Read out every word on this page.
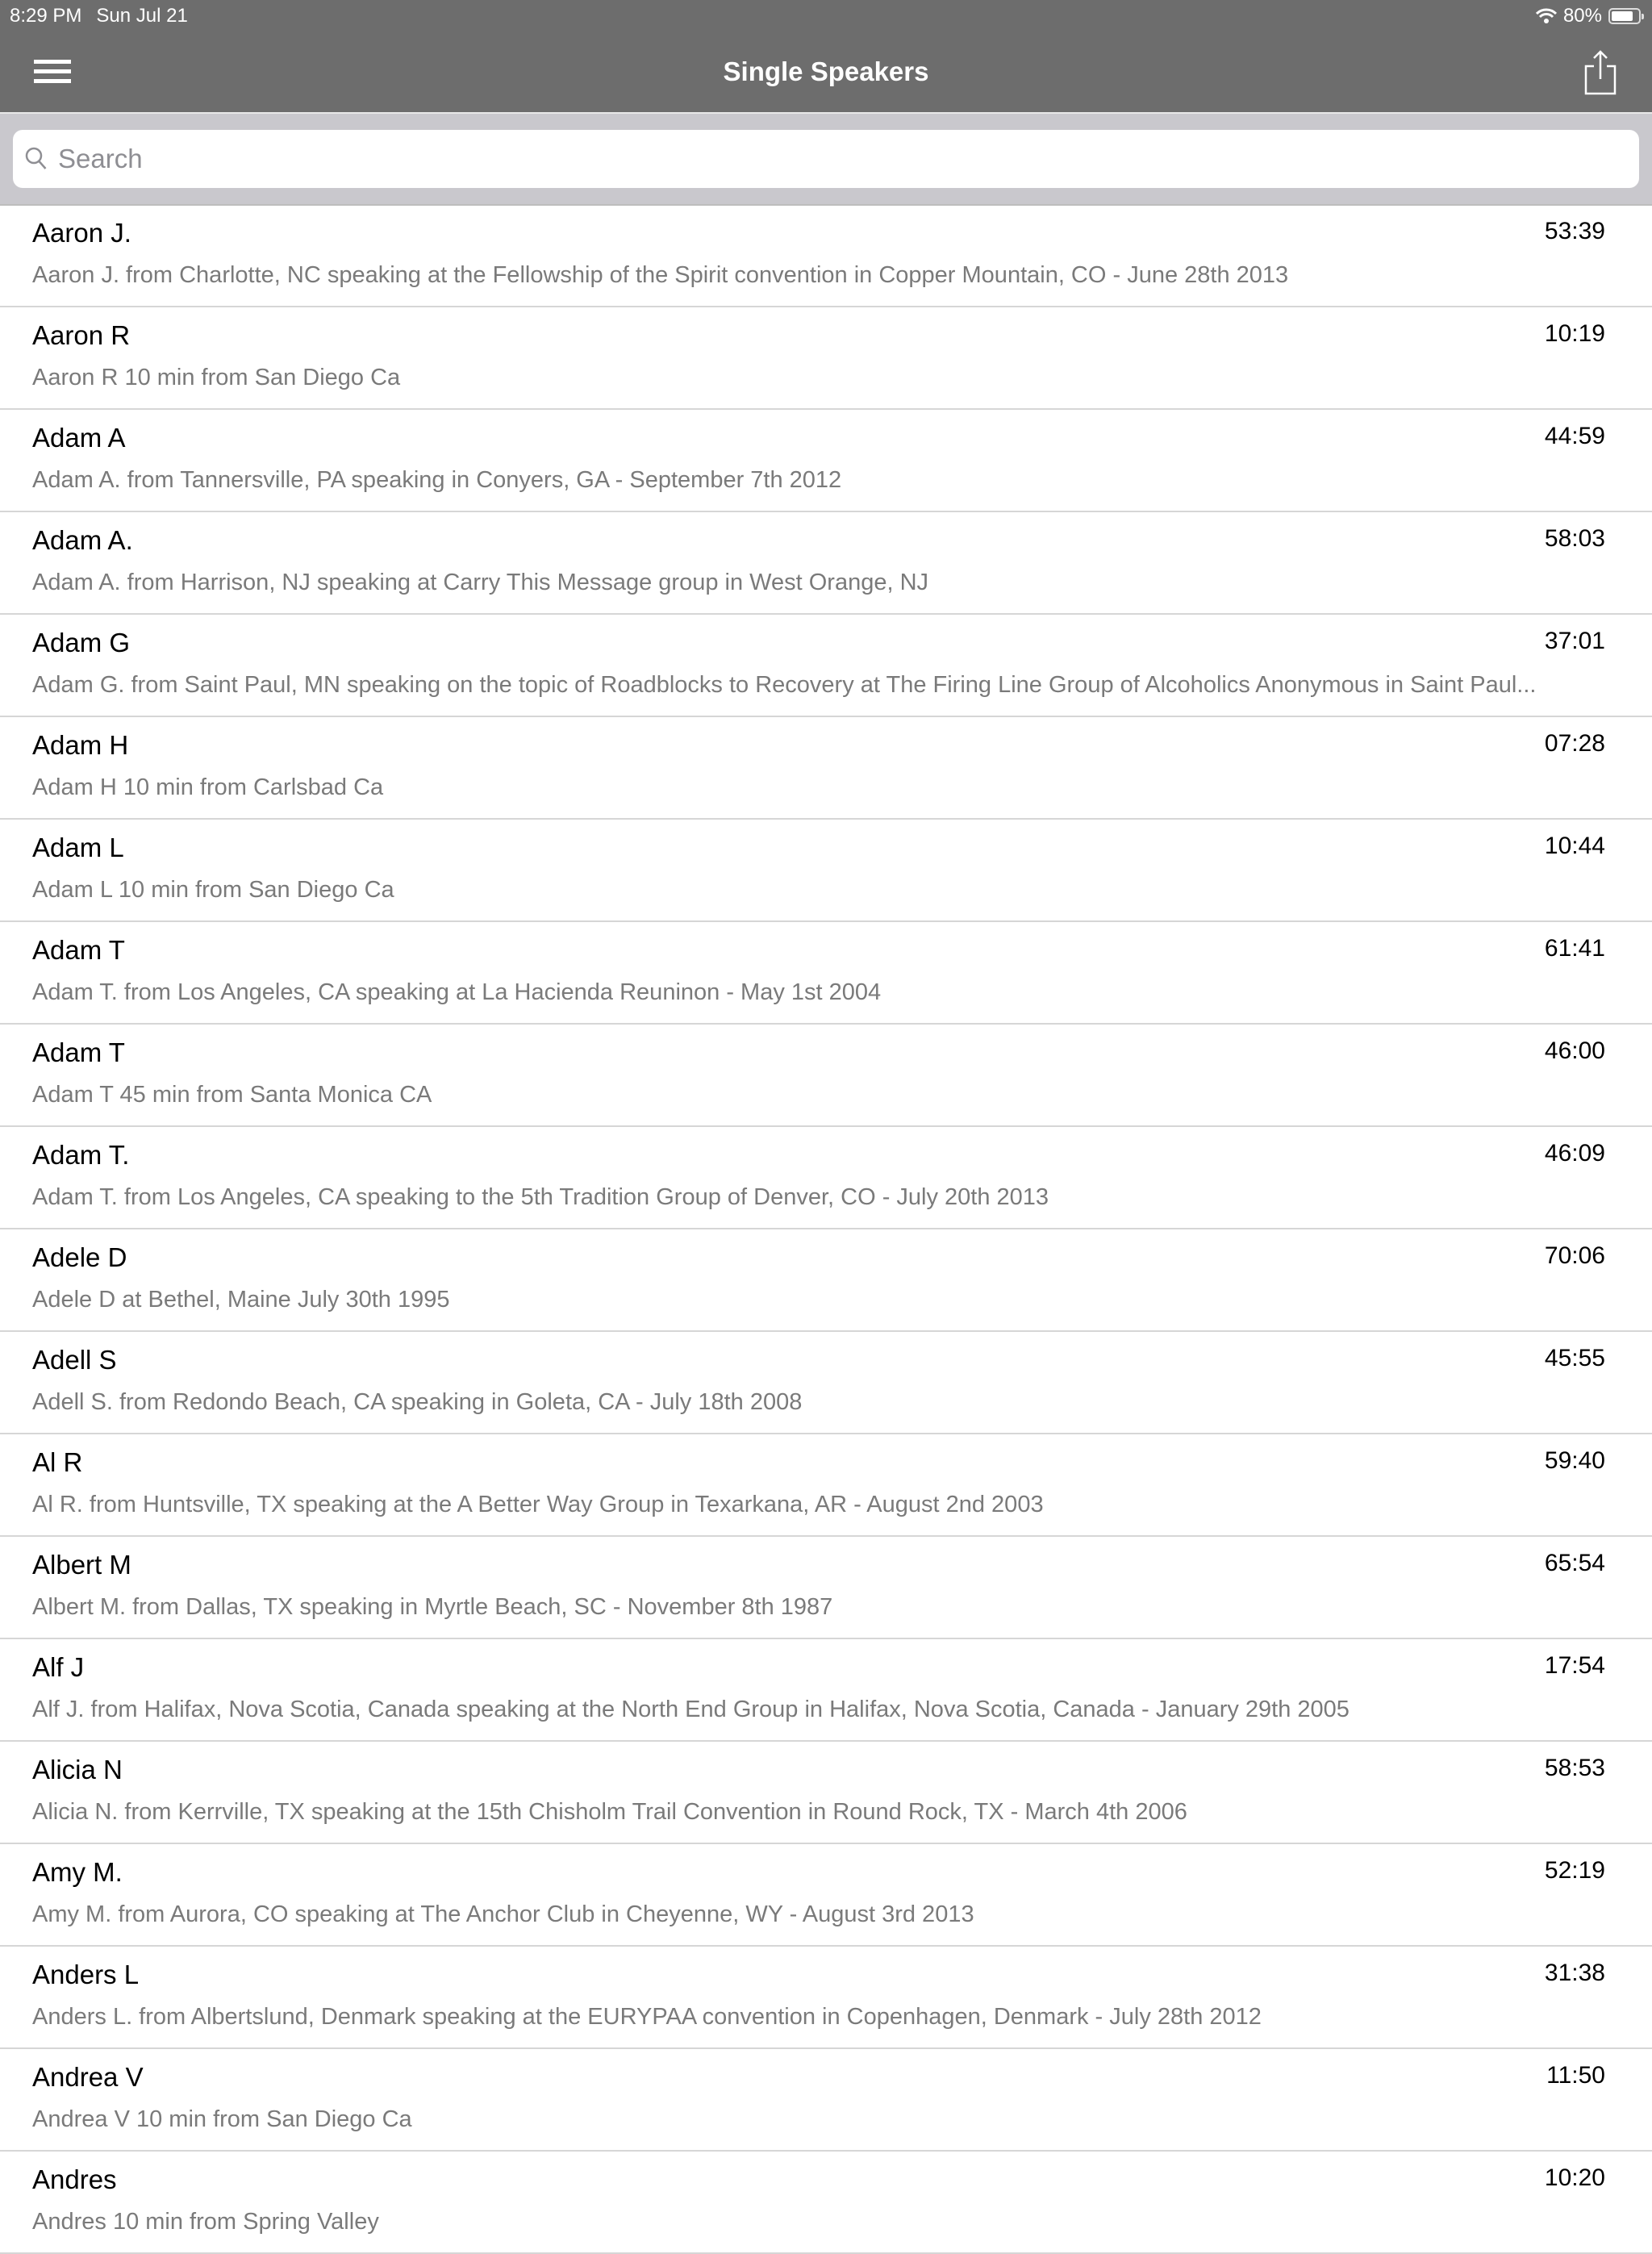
8:29 PM Sun Jul 21	80%
Single Speakers
Search
Aaron J.	53:39
Aaron J. from Charlotte, NC speaking at the Fellowship of the Spirit convention in Copper Mountain, CO - June 28th 2013
Aaron R	10:19
Aaron R 10 min from San Diego Ca
Adam A	44:59
Adam A. from Tannersville, PA speaking in Conyers, GA - September 7th 2012
Adam A.	58:03
Adam A. from Harrison, NJ speaking at Carry This Message group in West Orange, NJ
Adam G	37:01
Adam G. from Saint Paul, MN speaking on the topic of Roadblocks to Recovery at The Firing Line Group of Alcoholics Anonymous in Saint Paul...
Adam H	07:28
Adam H 10 min from Carlsbad Ca
Adam L	10:44
Adam L 10 min from San Diego Ca
Adam T	61:41
Adam T. from Los Angeles, CA speaking at La Hacienda Reuninon - May 1st 2004
Adam T	46:00
Adam T 45 min from Santa Monica CA
Adam T.	46:09
Adam T. from Los Angeles, CA speaking to the 5th Tradition Group of Denver, CO - July 20th 2013
Adele D	70:06
Adele D at Bethel, Maine July 30th 1995
Adell S	45:55
Adell S. from Redondo Beach, CA speaking in Goleta, CA - July 18th 2008
Al R	59:40
Al R. from Huntsville, TX speaking at the A Better Way Group in Texarkana, AR - August 2nd 2003
Albert M	65:54
Albert M. from Dallas, TX speaking in Myrtle Beach, SC - November 8th 1987
Alf J	17:54
Alf J. from Halifax, Nova Scotia, Canada speaking at the North End Group in Halifax, Nova Scotia, Canada - January 29th 2005
Alicia N	58:53
Alicia N. from Kerrville, TX speaking at the 15th Chisholm Trail Convention in Round Rock, TX - March 4th 2006
Amy M.	52:19
Amy M. from Aurora, CO speaking at The Anchor Club in Cheyenne, WY - August 3rd 2013
Anders L	31:38
Anders L. from Albertslund, Denmark speaking at the EURYPAA convention in Copenhagen, Denmark - July 28th 2012
Andrea V	11:50
Andrea V 10 min from San Diego Ca
Andres	10:20
Andres 10 min from Spring Valley
